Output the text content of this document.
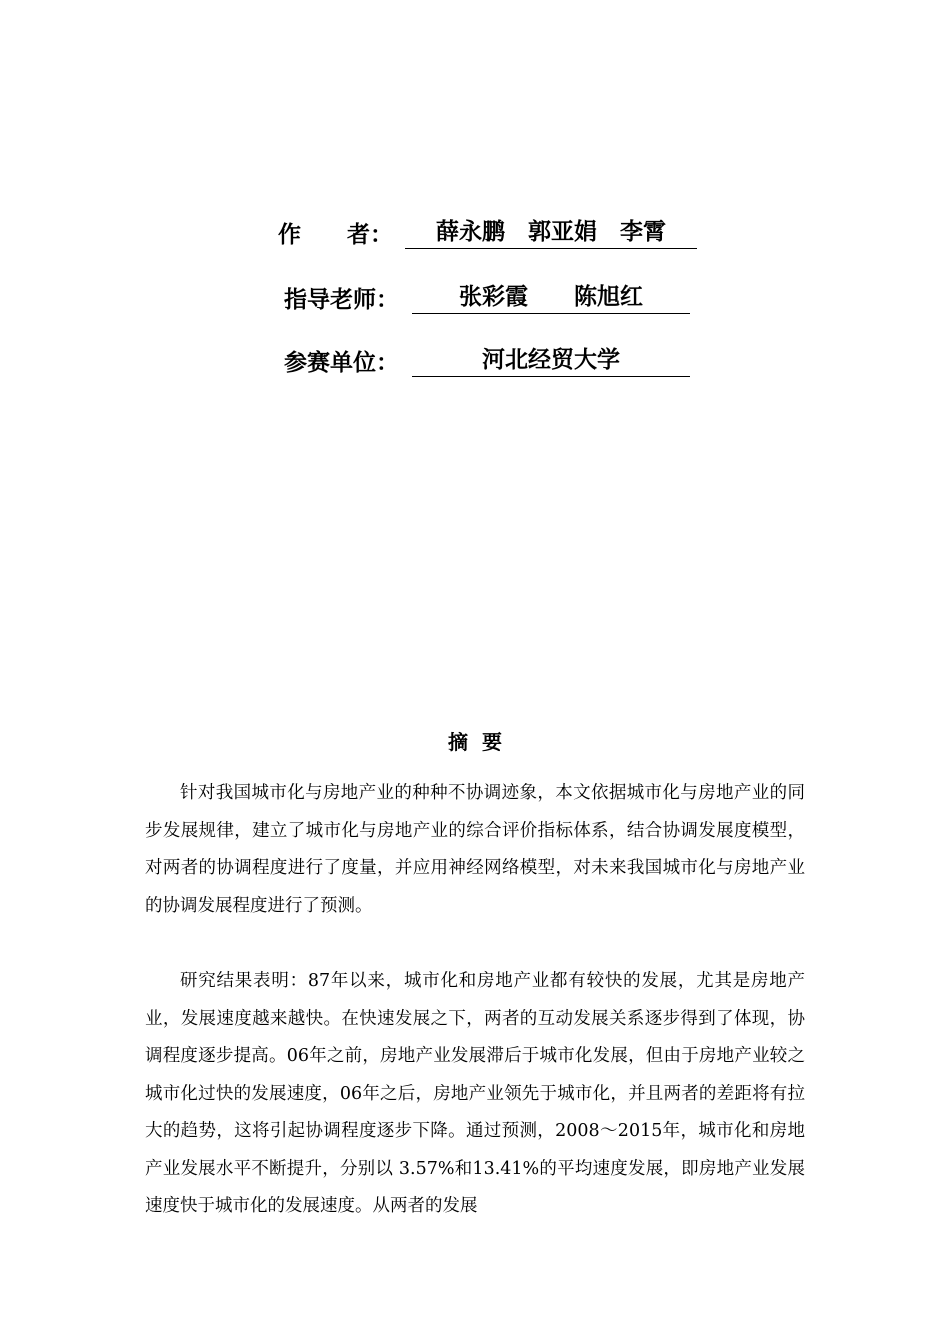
作　　者：	薛永鹏　郭亚娟　李霄
指导老师：	张彩霞　　陈旭红
参赛单位：	河北经贸大学
摘要

针对我国城市化与房地产业的种种不协调迹象，本文依据城市化与房地产业的同步发展规律，建立了城市化与房地产业的综合评价指标体系，结合协调发展度模型，对两者的协调程度进行了度量，并应用神经网络模型，对未来我国城市化与房地产业的协调发展程度进行了预测。

研究结果表明：87年以来，城市化和房地产业都有较快的发展，尤其是房地产业，发展速度越来越快。在快速发展之下，两者的互动发展关系逐步得到了体现，协调程度逐步提高。06年之前，房地产业发展滞后于城市化发展，但由于房地产业较之城市化过快的发展速度，06年之后，房地产业领先于城市化，并且两者的差距将有拉大的趋势，这将引起协调程度逐步下降。通过预测，2008～2015年，城市化和房地产业发展水平不断提升，分别以 3.57%和13.41%的平均速度发展，即房地产业发展速度快于城市化的发展速度。从两者的发展
